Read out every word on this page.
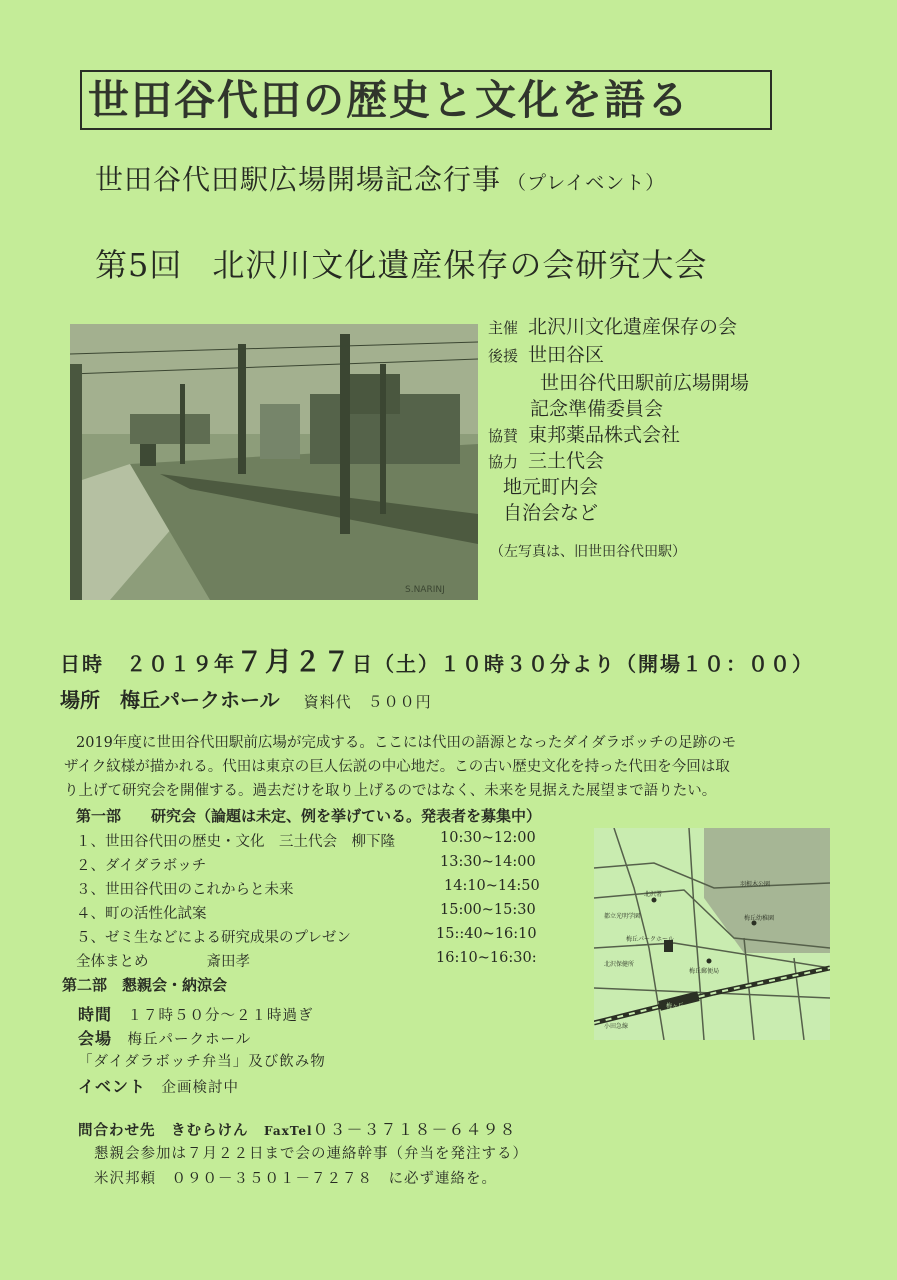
世田谷代田の歴史と文化を語る
世田谷代田駅広場開場記念行事 （プレイベント）
第5回 北沢川文化遺産保存の会研究大会
S.NARINJ
主催 北沢川文化遺産保存の会
後援 世田谷区
世田谷代田駅前広場開場
記念準備委員会
協賛 東邦薬品株式会社
協力 三土代会
地元町内会
自治会など
（左写真は、旧世田谷代田駅）
日時　 ２０１９年７月２７日（土）１０時３０分より（開場１０：００）
場所　 梅丘パークホール 資料代　５００円

2019年度に世田谷代田駅前広場が完成する。ここには代田の語源となったダイダラボッチの足跡のモ

ザイク紋様が描かれる。代田は東京の巨人伝説の中心地だ。この古い歴史文化を持った代田を今回は取
り上げて研究会を開催する。過去だけを取り上げるのではなく、未来を見据えた展望まで語りたい。
第一部　　研究会（論題は未定、例を挙げている。発表者を募集中）
１、世田谷代田の歴史・文化　三土代会　柳下隆	10:30~12:00
２、ダイダラボッチ	13:30~14:00
３、世田谷代田のこれからと未来	14:10~14:50
４、町の活性化試案	15:00~15:30
５、ゼミ生などによる研究成果のプレゼン	15::40~16:10
全体まとめ　　　　斎田孝	16:10~16:30:
第二部　懇親会・納涼会
時間　 １７時５０分～２１時過ぎ
会場　 梅丘パークホール
「ダイダラボッチ弁当」及び飲み物
イベント　 企画検討中
問合わせ先　きむらけん　 FaxTel０３－３７１８－６４９８
懇親会参加は７月２２日まで会の連絡幹事（弁当を発注する）
米沢邦頼　０９０－３５０１－７２７８　 に必ず連絡を。
羽根木公園
梅丘パークホール
北沢署
都立光明学園	梅丘幼稚園
北沢保健所
梅丘郵便局
梅ヶ丘
小田急線
